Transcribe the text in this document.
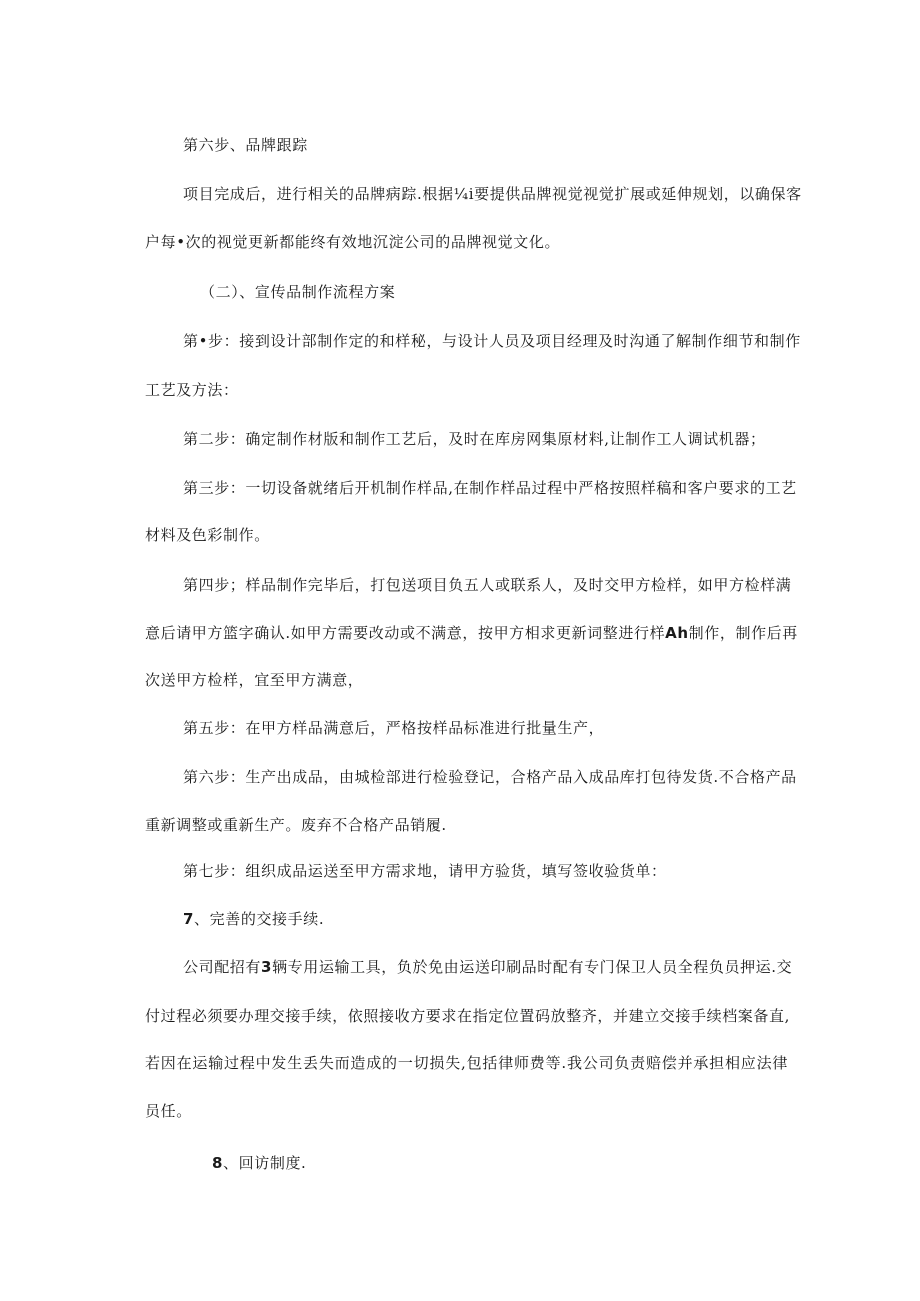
第六步、品牌跟踪
项目完成后，进行相关的品牌病踪.根据¼i要提供品牌视觉视觉扩展或延伸规划，以确保客
户每•次的视觉更新都能终有效地沉淀公司的品牌视觉文化。
（二）、宣传品制作流程方案
第•步：接到设计部制作定的和样秘，与设计人员及项目经理及时沟通了解制作细节和制作
工艺及方法：
第二步：确定制作材版和制作工艺后，及时在库房网集原材料,让制作工人调试机器；
第三步：一切设备就绪后开机制作样品,在制作样品过程中严格按照样稿和客户要求的工艺
材料及色彩制作。
第四步；样品制作完毕后，打包送项目负五人或联系人，及时交甲方检样，如甲方检样满
意后请甲方篮字确认.如甲方需要改动或不满意，按甲方相求更新词整进行样Ah制作，制作后再
次送甲方检样，宜至甲方满意，
第五步：在甲方样品满意后，严格按样品标准进行批量生产，
第六步：生产出成品，由城检部进行检验登记，合格产品入成品库打包待发货.不合格产品
重新调整或重新生产。废弃不合格产品销履.
第七步：组织成品运送至甲方需求地，请甲方验货，填写签收验货单：
7、完善的交接手续.
公司配招有3辆专用运输工具，负於免由运送印刷品时配有专门保卫人员全程负员押运.交
付过程必须要办理交接手续，依照接收方要求在指定位置码放整齐，并建立交接手续档案备直,
若因在运输过程中发生丢失而造成的一切损失,包括律师费等.我公司负责赔偿并承担相应法律
员任。
8、回访制度.
